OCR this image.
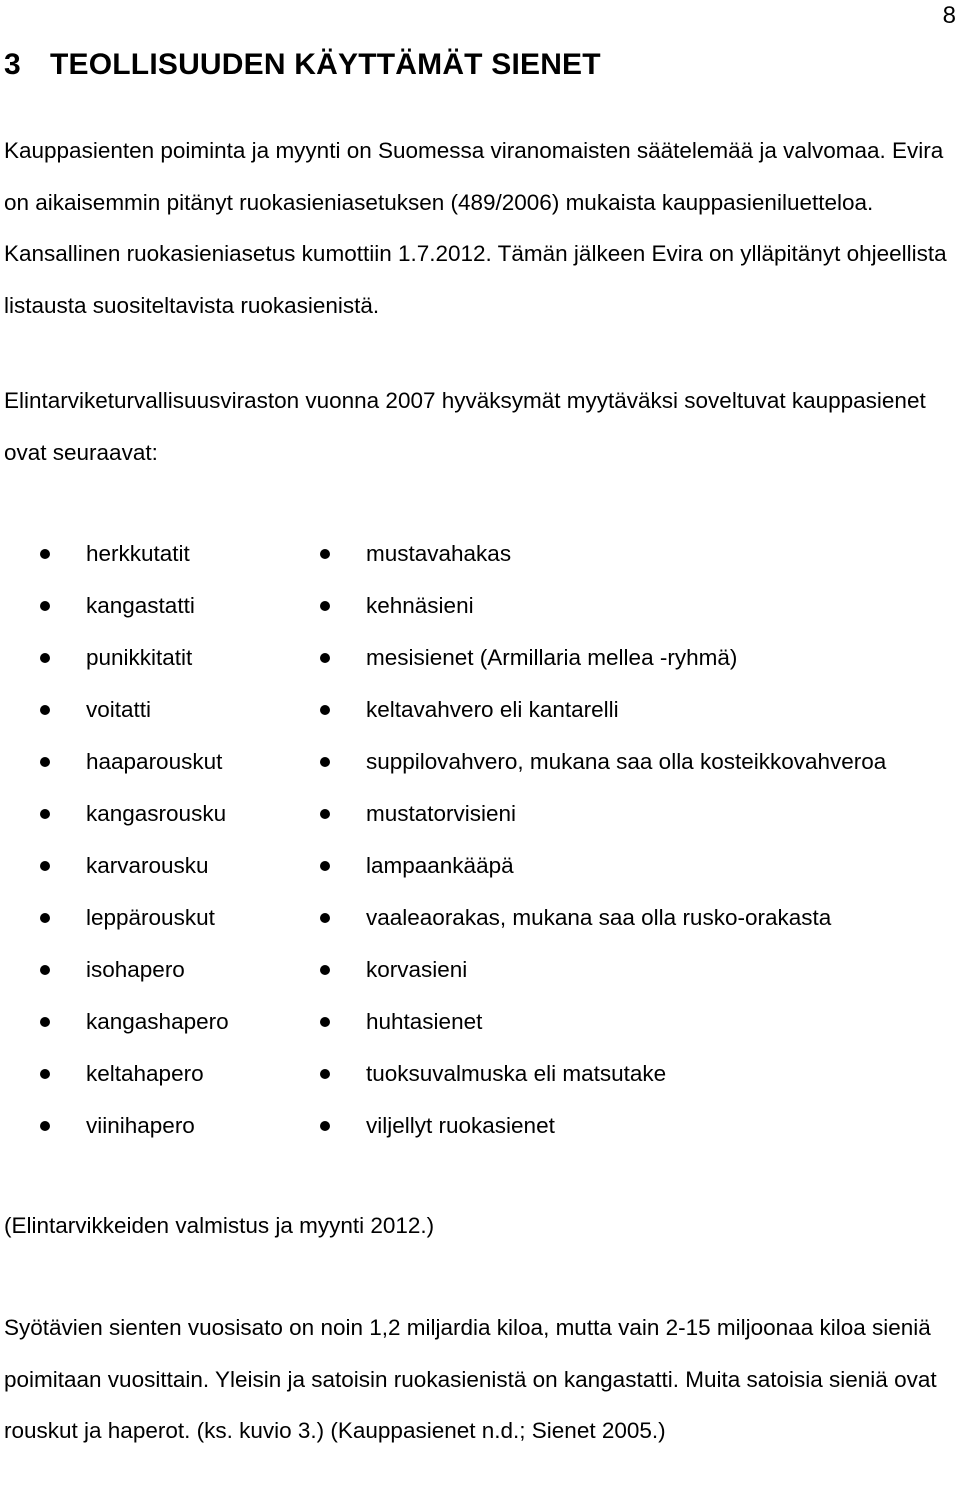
8
3 TEOLLISUUDEN KÄYTTÄMÄT SIENET

Kauppasienten poiminta ja myynti on Suomessa viranomaisten säätelemää ja valvomaa. Evira on aikaisemmin pitänyt ruokasieniasetuksen (489/2006) mukaista kauppasieniluetteloa. Kansallinen ruokasieniasetus kumottiin 1.7.2012. Tämän jälkeen Evira on ylläpitänyt ohjeellista listausta suositeltavista ruokasienistä.

Elintarviketurvallisuusviraston vuonna 2007 hyväksymät myytäväksi soveltuvat kauppasienet ovat seuraavat:

herkkutatit
kangastatti
punikkitatit
voitatti
haaparouskut
kangasrousku
karvarousku
leppärouskut
isohapero
kangashapero
keltahapero
viinihapero
mustavahakas
kehnäsieni
mesisienet (Armillaria mellea -ryhmä)
keltavahvero eli kantarelli
suppilovahvero, mukana saa olla kosteikkovahveroa
mustatorvisieni
lampaankääpä
vaaleaorakas, mukana saa olla rusko-orakasta
korvasieni
huhtasienet
tuoksuvalmuska eli matsutake
viljellyt ruokasienet

(Elintarvikkeiden valmistus ja myynti 2012.)

Syötävien sienten vuosisato on noin 1,2 miljardia kiloa, mutta vain 2-15 miljoonaa kiloa sieniä poimitaan vuosittain. Yleisin ja satoisin ruokasienistä on kangastatti. Muita satoisia sieniä ovat rouskut ja haperot. (ks. kuvio 3.) (Kauppasienet n.d.; Sienet 2005.)
